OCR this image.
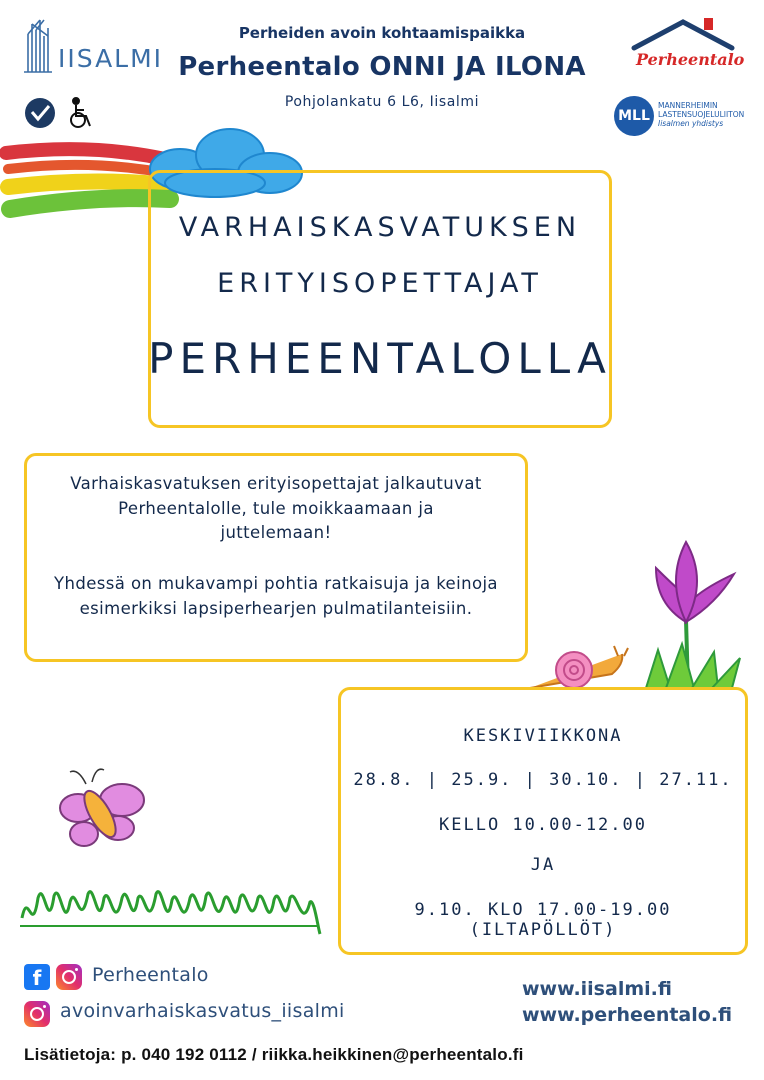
IISALMI
Perheiden avoin kohtaamispaikka
Perheentalo ONNI JA ILONA
Pohjolankatu 6 L6, Iisalmi
Perheentalo
MLL
MANNERHEIMIN
LASTENSUOJELULIITON
Iisalmen yhdistys
VARHAISKASVATUKSEN
ERITYISOPETTAJAT
PERHEENTALOLLA
Varhaiskasvatuksen erityisopettajat jalkautuvat Perheentalolle, tule moikkaamaan ja juttelemaan!
Yhdessä on mukavampi pohtia ratkaisuja ja keinoja esimerkiksi lapsiperhearjen pulmatilanteisiin.
KESKIVIIKKONA
28.8. | 25.9. | 30.10. | 27.11.
KELLO 10.00-12.00
JA
9.10. KLO 17.00-19.00 (ILTAPÖLLÖT)
f	Perheentalo
avoinvarhaiskasvatus_iisalmi
www.iisalmi.fi
www.perheentalo.fi
Lisätietoja: p. 040 192 0112 / riikka.heikkinen@perheentalo.fi
